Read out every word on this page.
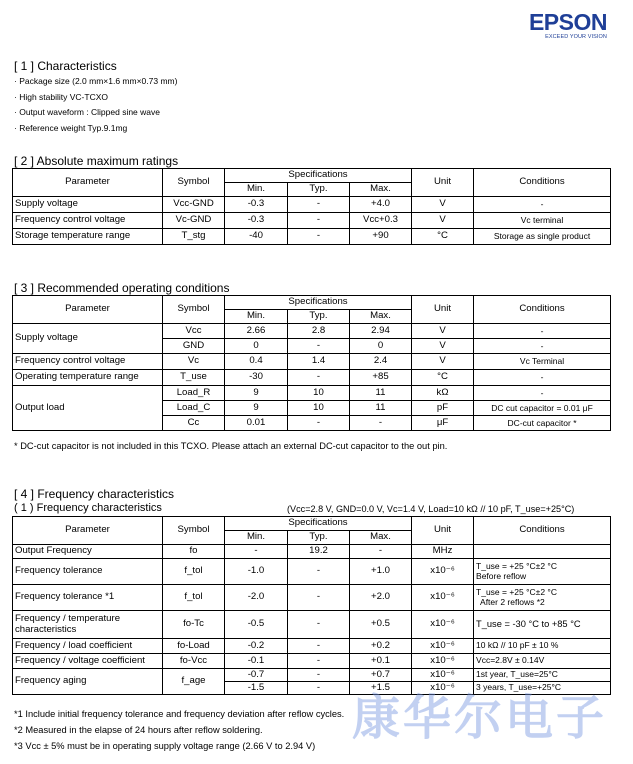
EPSON
EXCEED YOUR VISION
[ 1 ] Characteristics
· Package size (2.0 mm×1.6 mm×0.73 mm)
· High stability VC-TCXO
· Output waveform : Clipped sine wave
· Reference weight Typ.9.1mg
[ 2 ] Absolute maximum ratings
Parameter	Symbol	Specifications			Unit	Conditions
		Min.	Typ.	Max.		
Supply voltage	Vcc-GND	-0.3	-	+4.0	V	-
Frequency control voltage	Vc-GND	-0.3	-	Vcc+0.3	V	Vc terminal
Storage temperature range	T_stg	-40	-	+90	°C	Storage as single product
[ 3 ] Recommended operating conditions
Parameter	Symbol	Specifications			Unit	Conditions
		Min.	Typ.	Max.		
Supply voltage	Vcc	2.66	2.8	2.94	V	-
	GND	0	-	0	V	-
Frequency control voltage	Vc	0.4	1.4	2.4	V	Vc Terminal
Operating temperature range	T_use	-30	-	+85	°C	-
Output load	Load_R	9	10	11	kΩ	-
	Load_C	9	10	11	pF	DC cut capacitor = 0.01 μF
	Cc	0.01	-	-	μF	DC-cut capacitor *
* DC-cut capacitor is not included in this TCXO. Please attach an external DC-cut capacitor to the out pin.
[ 4 ] Frequency characteristics
( 1 ) Frequency characteristics	(Vcc=2.8 V, GND=0.0 V, Vc=1.4 V, Load=10 kΩ // 10 pF, T_use=+25°C)
Parameter	Symbol	Specifications			Unit	Conditions
		Min.	Typ.	Max.		
Output Frequency	fo	-	19.2	-	MHz	
Frequency tolerance	f_tol	-1.0	-	+1.0	x10⁻⁶	T_use = +25 °C±2 °C
Before reflow

Frequency tolerance *1	f_tol	-2.0	-	+2.0	x10⁻⁶	T_use = +25 °C±2 °C
After 2 reflows *2

Frequency / temperature characteristics	fo-Tc	-0.5	-	+0.5	x10⁻⁶	T_use = -30 °C to +85 °C
Frequency / load coefficient	fo-Load	-0.2	-	+0.2	x10⁻⁶	10 kΩ // 10 pF ± 10 %
Frequency / voltage coefficient	fo-Vcc	-0.1	-	+0.1	x10⁻⁶	Vcc=2.8V ± 0.14V
Frequency aging	f_age	-0.7	-	+0.7	x10⁻⁶	1st year, T_use=25°C
		-1.5	-	+1.5	x10⁻⁶	3 years, T_use=+25°C
*1 Include initial frequency tolerance and frequency deviation after reflow cycles.
*2 Measured in the elapse of 24 hours after reflow soldering.
*3 Vcc ± 5% must be in operating supply voltage range (2.66 V to 2.94 V) 康华尔电子
